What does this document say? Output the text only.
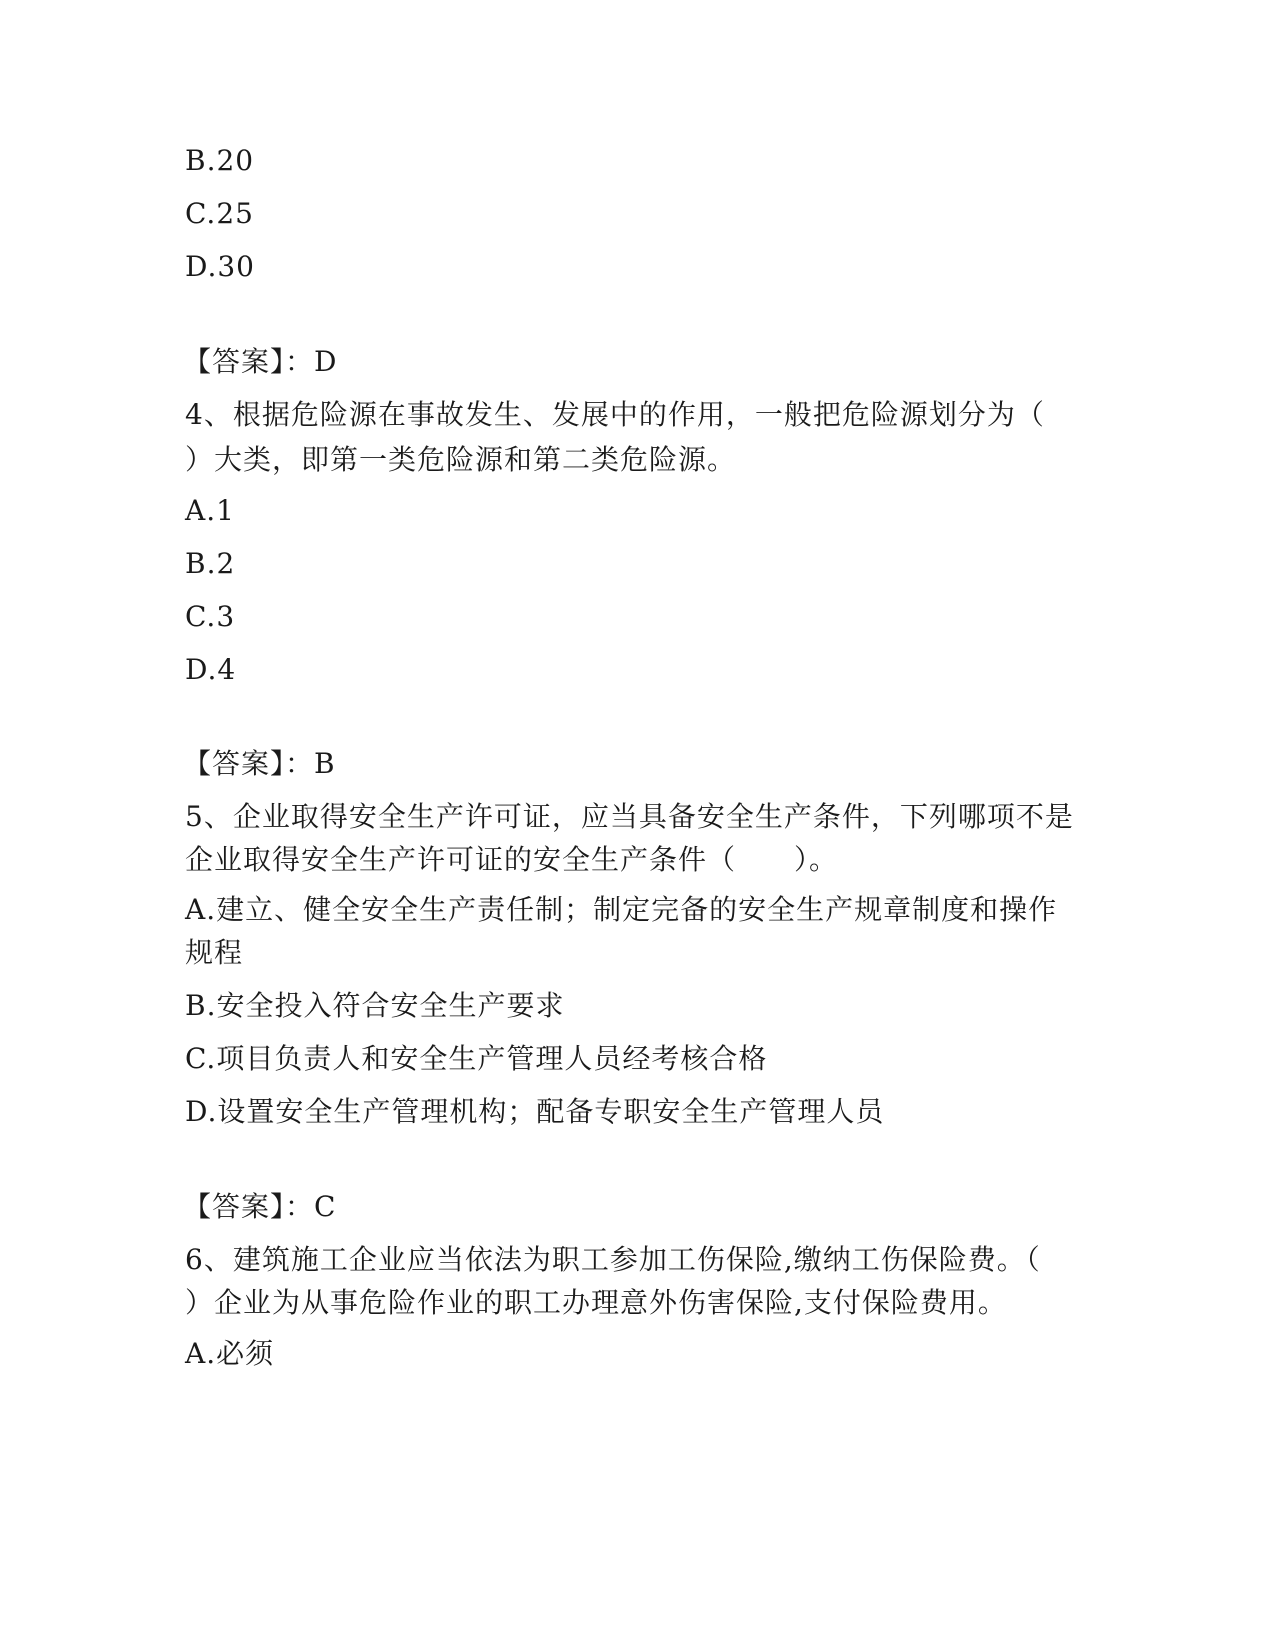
B.20
C.25
D.30
【答案】：D
4、根据危险源在事故发生、发展中的作用，一般把危险源划分为（
）大类，即第一类危险源和第二类危险源。
A.1
B.2
C.3
D.4
【答案】：B
5、企业取得安全生产许可证，应当具备安全生产条件，下列哪项不是
企业取得安全生产许可证的安全生产条件（　　）。
A.建立、健全安全生产责任制；制定完备的安全生产规章制度和操作
规程
B.安全投入符合安全生产要求
C.项目负责人和安全生产管理人员经考核合格
D.设置安全生产管理机构；配备专职安全生产管理人员
【答案】：C
6、建筑施工企业应当依法为职工参加工伤保险,缴纳工伤保险费。（
）企业为从事危险作业的职工办理意外伤害保险,支付保险费用。
A.必须
